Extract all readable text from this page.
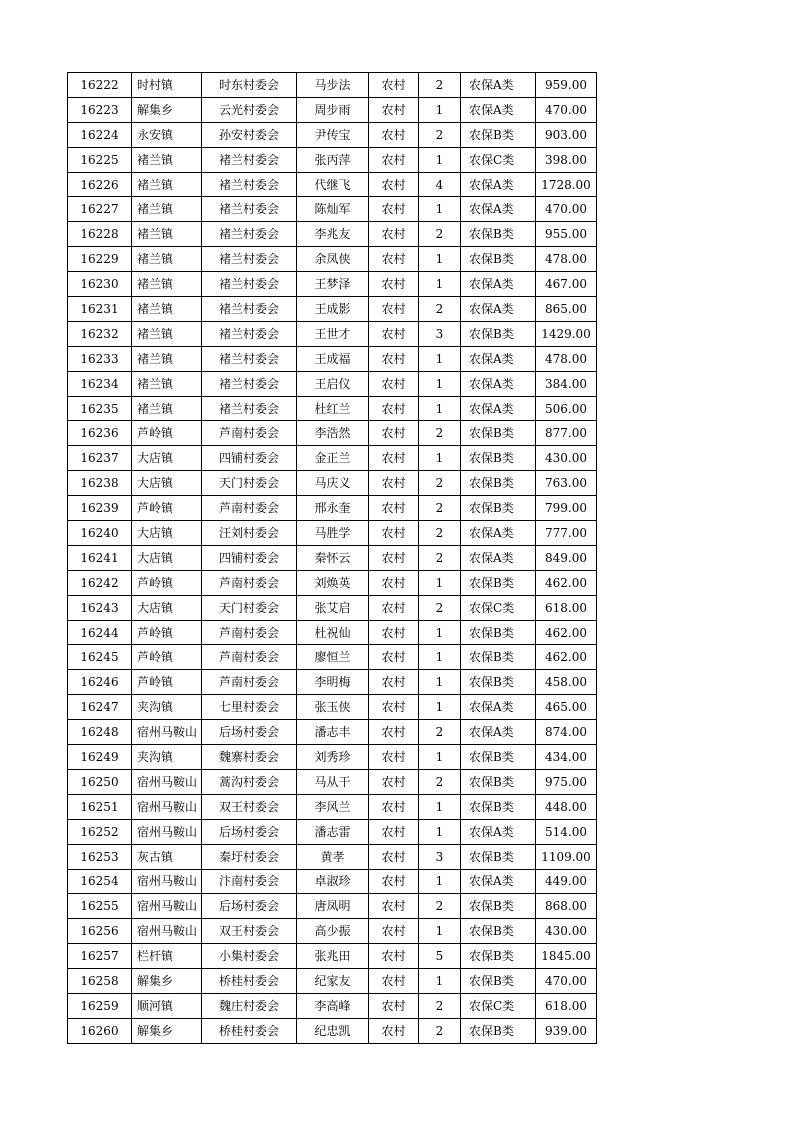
16222	时村镇	时东村委会	马步法	农村	2	农保A类	959.00
16223	解集乡	云光村委会	周步雨	农村	1	农保A类	470.00
16224	永安镇	孙安村委会	尹传宝	农村	2	农保B类	903.00
16225	褚兰镇	褚兰村委会	张丙萍	农村	1	农保C类	398.00
16226	褚兰镇	褚兰村委会	代继飞	农村	4	农保A类	1728.00
16227	褚兰镇	褚兰村委会	陈灿军	农村	1	农保A类	470.00
16228	褚兰镇	褚兰村委会	李兆友	农村	2	农保B类	955.00
16229	褚兰镇	褚兰村委会	余凤侠	农村	1	农保B类	478.00
16230	褚兰镇	褚兰村委会	王梦泽	农村	1	农保A类	467.00
16231	褚兰镇	褚兰村委会	王成影	农村	2	农保A类	865.00
16232	褚兰镇	褚兰村委会	王世才	农村	3	农保B类	1429.00
16233	褚兰镇	褚兰村委会	王成福	农村	1	农保A类	478.00
16234	褚兰镇	褚兰村委会	王启仪	农村	1	农保A类	384.00
16235	褚兰镇	褚兰村委会	杜红兰	农村	1	农保A类	506.00
16236	芦岭镇	芦南村委会	李浩然	农村	2	农保B类	877.00
16237	大店镇	四铺村委会	金正兰	农村	1	农保B类	430.00
16238	大店镇	天门村委会	马庆义	农村	2	农保B类	763.00
16239	芦岭镇	芦南村委会	邢永奎	农村	2	农保B类	799.00
16240	大店镇	汪刘村委会	马胜学	农村	2	农保A类	777.00
16241	大店镇	四铺村委会	秦怀云	农村	2	农保A类	849.00
16242	芦岭镇	芦南村委会	刘焕英	农村	1	农保B类	462.00
16243	大店镇	天门村委会	张艾启	农村	2	农保C类	618.00
16244	芦岭镇	芦南村委会	杜祝仙	农村	1	农保B类	462.00
16245	芦岭镇	芦南村委会	廖恒兰	农村	1	农保B类	462.00
16246	芦岭镇	芦南村委会	李明梅	农村	1	农保B类	458.00
16247	夹沟镇	七里村委会	张玉侠	农村	1	农保A类	465.00
16248	宿州马鞍山	后场村委会	潘志丰	农村	2	农保A类	874.00
16249	夹沟镇	魏寨村委会	刘秀珍	农村	1	农保B类	434.00
16250	宿州马鞍山	蒿沟村委会	马从干	农村	2	农保B类	975.00
16251	宿州马鞍山	双王村委会	李风兰	农村	1	农保B类	448.00
16252	宿州马鞍山	后场村委会	潘志雷	农村	1	农保A类	514.00
16253	灰古镇	秦圩村委会	黄孝	农村	3	农保B类	1109.00
16254	宿州马鞍山	汴南村委会	卓淑珍	农村	1	农保A类	449.00
16255	宿州马鞍山	后场村委会	唐凤明	农村	2	农保B类	868.00
16256	宿州马鞍山	双王村委会	高少振	农村	1	农保B类	430.00
16257	栏杆镇	小集村委会	张兆田	农村	5	农保B类	1845.00
16258	解集乡	桥桂村委会	纪家友	农村	1	农保B类	470.00
16259	顺河镇	魏庄村委会	李高峰	农村	2	农保C类	618.00
16260	解集乡	桥桂村委会	纪忠凯	农村	2	农保B类	939.00
